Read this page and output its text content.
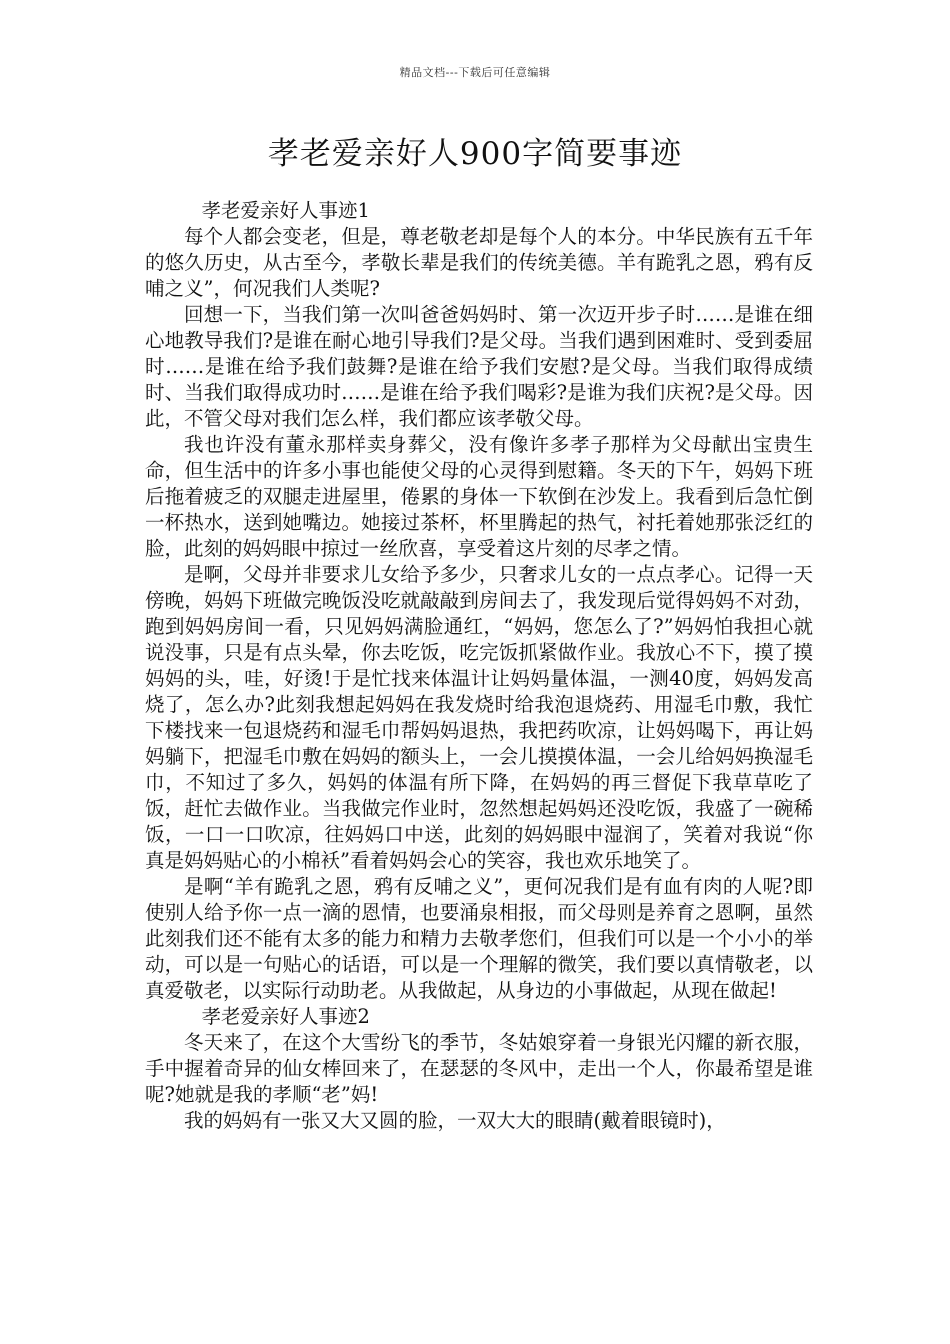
精品文档---下载后可任意编辑
孝老爱亲好人900字简要事迹

孝老爱亲好人事迹1

每个人都会变老，但是，尊老敬老却是每个人的本分。中华民族有五千年的悠久历史，从古至今，孝敬长辈是我们的传统美德。羊有跪乳之恩，鸦有反哺之义”，何况我们人类呢?

回想一下，当我们第一次叫爸爸妈妈时、第一次迈开步子时……是谁在细心地教导我们?是谁在耐心地引导我们?是父母。当我们遇到困难时、受到委屈时……是谁在给予我们鼓舞?是谁在给予我们安慰?是父母。当我们取得成绩时、当我们取得成功时……是谁在给予我们喝彩?是谁为我们庆祝?是父母。因此，不管父母对我们怎么样，我们都应该孝敬父母。

我也许没有董永那样卖身葬父，没有像许多孝子那样为父母献出宝贵生命，但生活中的许多小事也能使父母的心灵得到慰籍。冬天的下午，妈妈下班后拖着疲乏的双腿走进屋里，倦累的身体一下软倒在沙发上。我看到后急忙倒一杯热水，送到她嘴边。她接过茶杯，杯里腾起的热气，衬托着她那张泛红的脸，此刻的妈妈眼中掠过一丝欣喜，享受着这片刻的尽孝之情。

是啊，父母并非要求儿女给予多少，只奢求儿女的一点点孝心。记得一天傍晚，妈妈下班做完晚饭没吃就敲敲到房间去了，我发现后觉得妈妈不对劲，跑到妈妈房间一看，只见妈妈满脸通红，“妈妈，您怎么了?”妈妈怕我担心就说没事，只是有点头晕，你去吃饭，吃完饭抓紧做作业。我放心不下，摸了摸妈妈的头，哇，好烫!于是忙找来体温计让妈妈量体温，一测40度，妈妈发高烧了，怎么办?此刻我想起妈妈在我发烧时给我泡退烧药、用湿毛巾敷，我忙下楼找来一包退烧药和湿毛巾帮妈妈退热，我把药吹凉，让妈妈喝下，再让妈妈躺下，把湿毛巾敷在妈妈的额头上，一会儿摸摸体温，一会儿给妈妈换湿毛巾，不知过了多久，妈妈的体温有所下降，在妈妈的再三督促下我草草吃了饭，赶忙去做作业。当我做完作业时，忽然想起妈妈还没吃饭，我盛了一碗稀饭，一口一口吹凉，往妈妈口中送，此刻的妈妈眼中湿润了，笑着对我说“你真是妈妈贴心的小棉袄”看着妈妈会心的笑容，我也欢乐地笑了。

是啊“羊有跪乳之恩，鸦有反哺之义”，更何况我们是有血有肉的人呢?即使别人给予你一点一滴的恩情，也要涌泉相报，而父母则是养育之恩啊，虽然此刻我们还不能有太多的能力和精力去敬孝您们，但我们可以是一个小小的举动，可以是一句贴心的话语，可以是一个理解的微笑，我们要以真情敬老，以真爱敬老，以实际行动助老。从我做起，从身边的小事做起，从现在做起!

孝老爱亲好人事迹2

冬天来了，在这个大雪纷飞的季节，冬姑娘穿着一身银光闪耀的新衣服，手中握着奇异的仙女棒回来了，在瑟瑟的冬风中，走出一个人，你最希望是谁呢?她就是我的孝顺“老”妈!

我的妈妈有一张又大又圆的脸，一双大大的眼睛(戴着眼镜时)，
